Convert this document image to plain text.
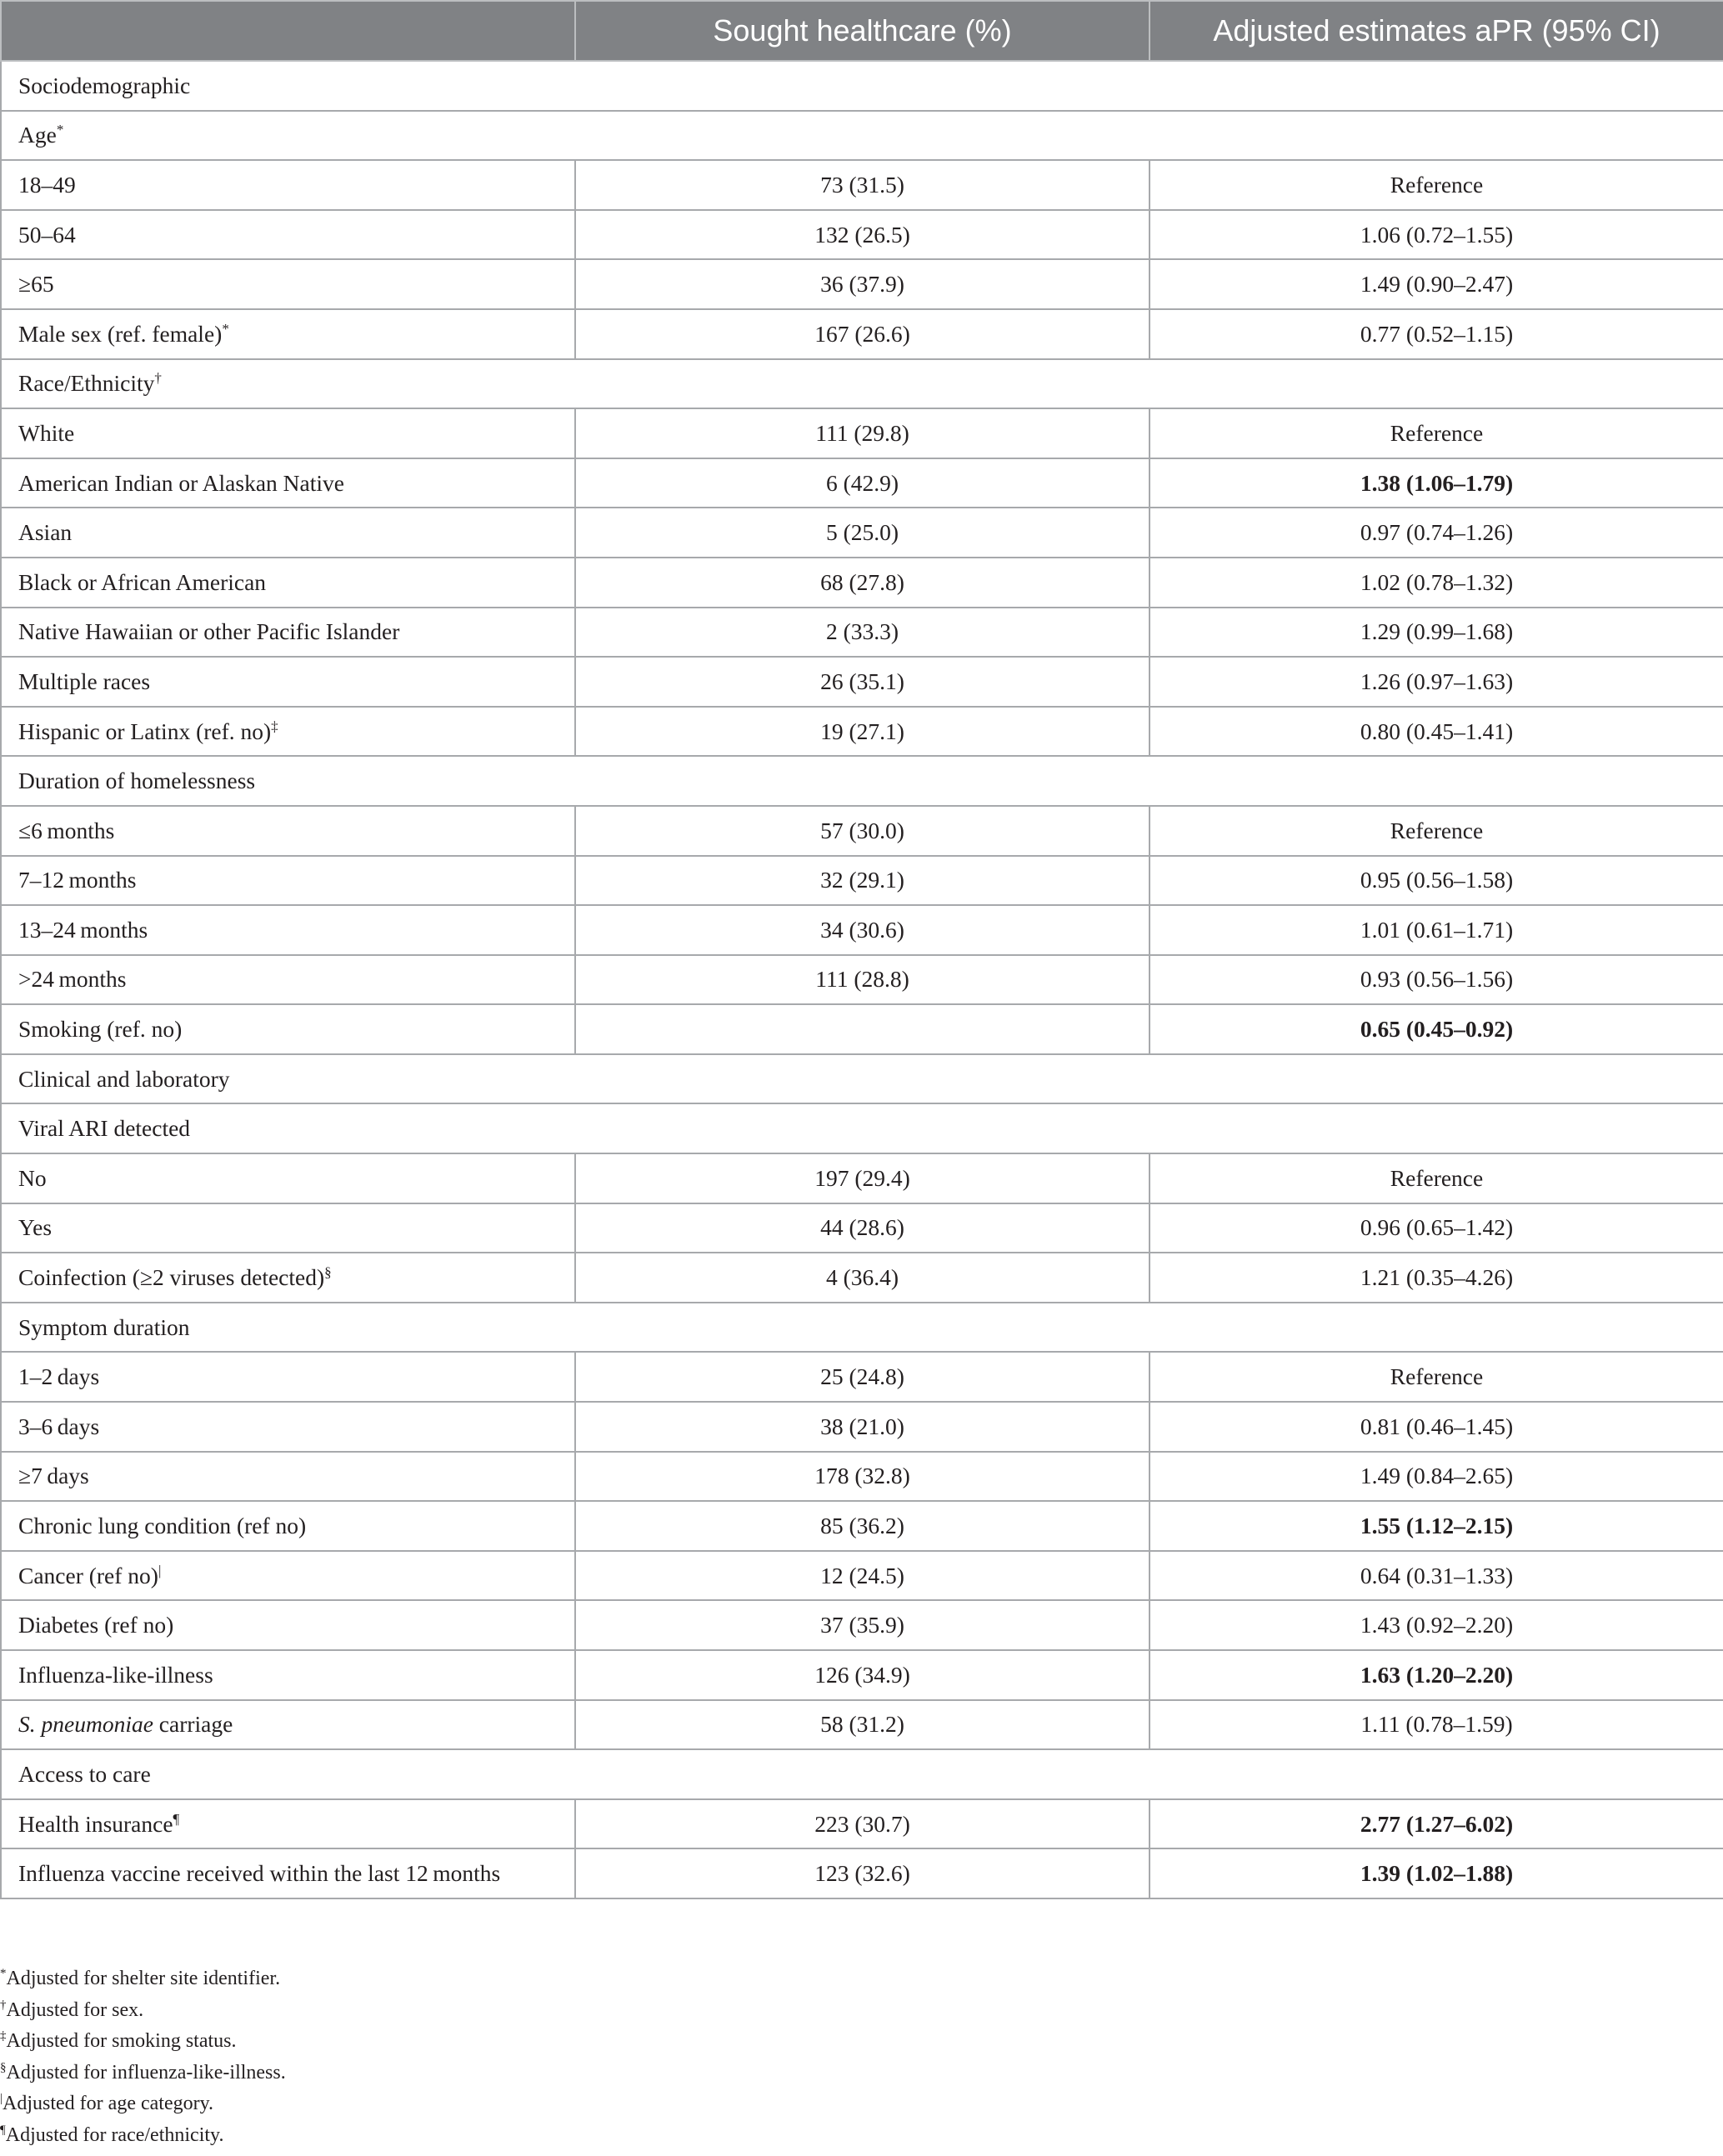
	Sought healthcare (%)	Adjusted estimates aPR (95% CI)
Sociodemographic		
Age*
18–49	73 (31.5)	Reference
50–64	132 (26.5)	1.06 (0.72–1.55)
≥65	36 (37.9)	1.49 (0.90–2.47)
Male sex (ref. female)*	167 (26.6)	0.77 (0.52–1.15)
Race/Ethnicity†
White	111 (29.8)	Reference
American Indian or Alaskan Native	6 (42.9)	1.38 (1.06–1.79)
Asian	5 (25.0)	0.97 (0.74–1.26)
Black or African American	68 (27.8)	1.02 (0.78–1.32)
Native Hawaiian or other Pacific Islander	2 (33.3)	1.29 (0.99–1.68)
Multiple races	26 (35.1)	1.26 (0.97–1.63)
Hispanic or Latinx (ref. no)‡	19 (27.1)	0.80 (0.45–1.41)
Duration of homelessness		
≤6 months	57 (30.0)	Reference
7–12 months	32 (29.1)	0.95 (0.56–1.58)
13–24 months	34 (30.6)	1.01 (0.61–1.71)
>24 months	111 (28.8)	0.93 (0.56–1.56)
Smoking (ref. no)		0.65 (0.45–0.92)
Clinical and laboratory		
Viral ARI detected		
No	197 (29.4)	Reference
Yes	44 (28.6)	0.96 (0.65–1.42)
Coinfection (≥2 viruses detected)§	4 (36.4)	1.21 (0.35–4.26)
Symptom duration		
1–2 days	25 (24.8)	Reference
3–6 days	38 (21.0)	0.81 (0.46–1.45)
≥7 days	178 (32.8)	1.49 (0.84–2.65)
Chronic lung condition (ref no)	85 (36.2)	1.55 (1.12–2.15)
Cancer (ref no)|	12 (24.5)	0.64 (0.31–1.33)
Diabetes (ref no)	37 (35.9)	1.43 (0.92–2.20)
Influenza-like-illness	126 (34.9)	1.63 (1.20–2.20)
S. pneumoniae carriage	58 (31.2)	1.11 (0.78–1.59)
Access to care		
Health insurance¶	223 (30.7)	2.77 (1.27–6.02)
Influenza vaccine received within the last 12 months	123 (32.6)	1.39 (1.02–1.88)
*Adjusted for shelter site identifier.
†Adjusted for sex.
‡Adjusted for smoking status.
§Adjusted for influenza-like-illness.
|Adjusted for age category.
¶Adjusted for race/ethnicity.
